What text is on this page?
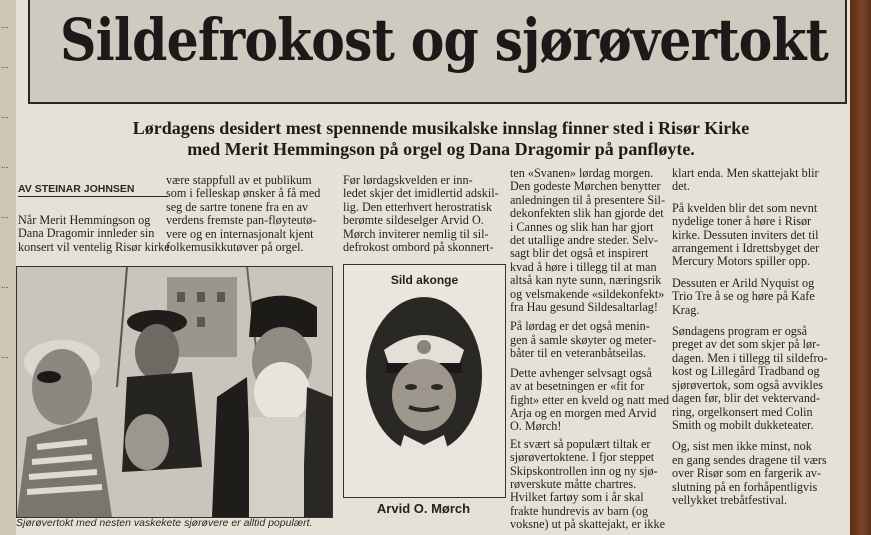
...
...
...
...
...
...
...
Sildefrokost og sjørøvertokt
Lørdagens desidert mest spennende musikalske innslag finner sted i Risør Kirke
med Merit Hemmingson på orgel og Dana Dragomir på panfløyte.
AV STEINAR JOHNSEN
Når Merit Hemmingson og
Dana Dragomir innleder sin
konsert vil ventelig Risør kirke
være stappfull av et publikum
som i felleskap ønsker å få med
seg de sartre tonene fra en av
verdens fremste pan-fløyteutø-
vere og en internasjonalt kjent
folkemusikkutøver på orgel.
Før lørdagskvelden er inn-
ledet skjer det imidlertid adskil-
lig. Den etterhvert herostratisk
berømte sildeselger Arvid O.
Mørch inviterer nemlig til sil-
defrokost ombord på skonnert-
ten «Svanen» lørdag morgen.
Den godeste Mørchen benytter
anledningen til å presentere Sil-
dekonfekten slik han gjorde det
i Cannes og slik han har gjort
det utallige andre steder. Selv-
sagt blir det også et inspirert
kvad å høre i tillegg til at man
altså kan nyte sunn, næringsrik
og velsmakende «sildekonfekt»
fra Hau gesund Sildesaltarlag!
På lørdag er det også menin-
gen å samle skøyter og meter-
båter til en veteranbåtseilas.
Dette avhenger selvsagt også
av at besetningen er «fit for
fight» etter en kveld og natt med
Arja og en morgen med Arvid
O. Mørch!
Et svært så populært tiltak er
sjørøvertoktene. I fjor steppet
Skipskontrollen inn og ny sjø-
røverskute måtte chartres.
Hvilket fartøy som i år skal
frakte hundrevis av barn (og
voksne) ut på skattejakt, er ikke
klart enda. Men skattejakt blir
det.
På kvelden blir det som nevnt
nydelige toner å høre i Risør
kirke. Dessuten inviters det til
arrangement i Idrettsbyget der
Mercury Motors spiller opp.
Dessuten er Arild Nyquist og
Trio Tre å se og høre på Kafe
Krag.
Søndagens program er også
preget av det som skjer på lør-
dagen. Men i tillegg til sildefro-
kost og Lillegård Tradband og
sjørøvertok, som også avvikles
dagen før, blir det vektervand-
ring, orgelkonsert med Colin
Smith og mobilt dukketeater.
Og, sist men ikke minst, nok
en gang sendes dragene til værs
over Risør som en fargerik av-
slutning på en forhåpentligvis
vellykket trebåtfestival.
Sjørøvertokt med nesten vaskekete sjørøvere er alltid populært.
Sild akonge
Arvid O. Mørch
